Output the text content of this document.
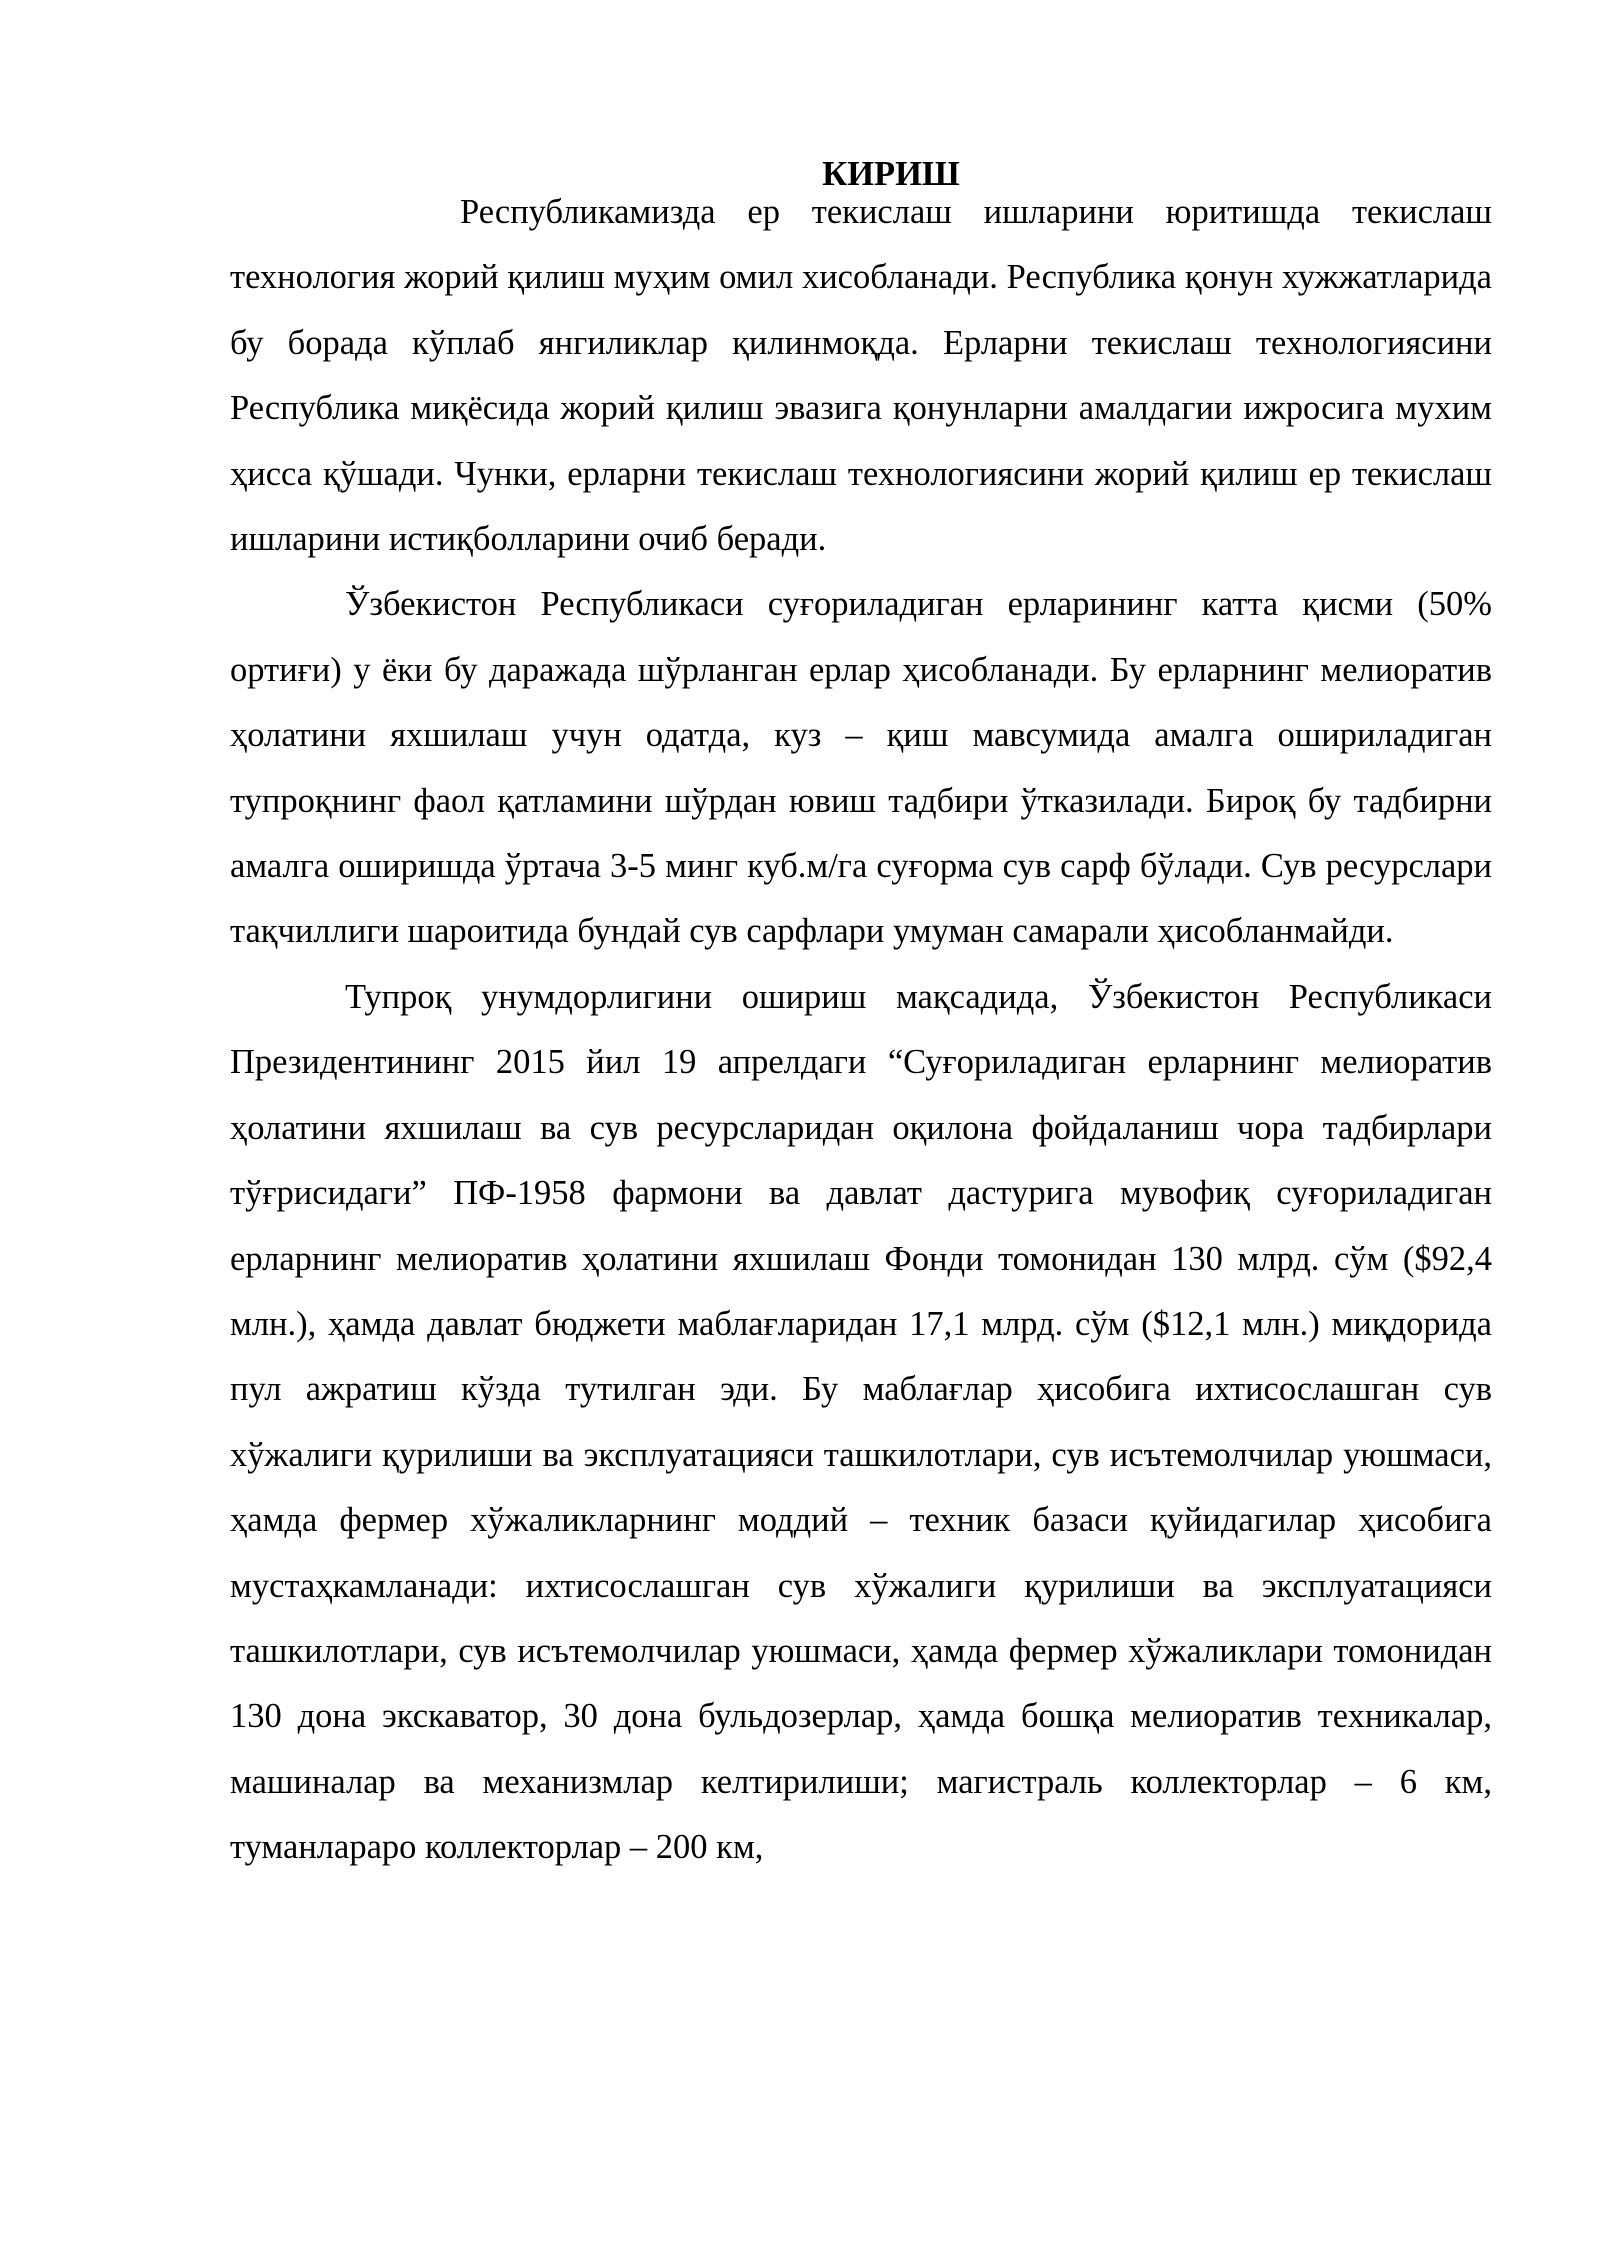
КИРИШ

Республикамизда ер текислаш ишларини юритишда текислаш технология жорий қилиш муҳим омил хисобланади. Республика қонун хужжатларида бу борада кўплаб янгиликлар қилинмоқда. Ерларни текислаш технологиясини Республика миқёсида жорий қилиш эвазига қонунларни амалдагии ижросига мухим ҳисса қўшади. Чунки, ерларни текислаш технологиясини жорий қилиш ер текислаш ишларини истиқболларини очиб беради.

Ўзбекистон Республикаси суғориладиган ерларининг катта қисми (50% ортиғи) у ёки бу даражада шўрланган ерлар ҳисобланади. Бу ерларнинг мелиоратив ҳолатини яхшилаш учун одатда, куз – қиш мавсумида амалга ошириладиган тупроқнинг фаол қатламини шўрдан ювиш тадбири ўтказилади. Бироқ бу тадбирни амалга оширишда ўртача 3-5 минг куб.м/га суғорма сув сарф бўлади. Сув ресурслари тақчиллиги шароитида бундай сув сарфлари умуман самарали ҳисобланмайди.

Тупроқ унумдорлигини ошириш мақсадида, Ўзбекистон Республикаси Президентининг 2015 йил 19 апрелдаги “Суғориладиган ерларнинг мелиоратив ҳолатини яхшилаш ва сув ресурсларидан оқилона фойдаланиш чора тадбирлари тўғрисидаги” ПФ-1958 фармони ва давлат дастурига мувофиқ суғориладиган ерларнинг мелиоратив ҳолатини яхшилаш Фонди томонидан 130 млрд. сўм ($92,4 млн.), ҳамда давлат бюджети маблағларидан 17,1 млрд. сўм ($12,1 млн.) миқдорида пул ажратиш кўзда тутилган эди. Бу маблағлар ҳисобига ихтисослашган сув хўжалиги қурилиши ва эксплуатацияси ташкилотлари, сув исътемолчилар уюшмаси, ҳамда фермер хўжаликларнинг моддий – техник базаси қуйидагилар ҳисобига мустаҳкамланади: ихтисослашган сув хўжалиги қурилиши ва эксплуатацияси ташкилотлари, сув исътемолчилар уюшмаси, ҳамда фермер хўжаликлари томонидан 130 дона экскаватор, 30 дона бульдозерлар, ҳамда бошқа мелиоратив техникалар, машиналар ва механизмлар келтирилиши; магистраль коллекторлар – 6 км, туманлараро коллекторлар – 200 км,
